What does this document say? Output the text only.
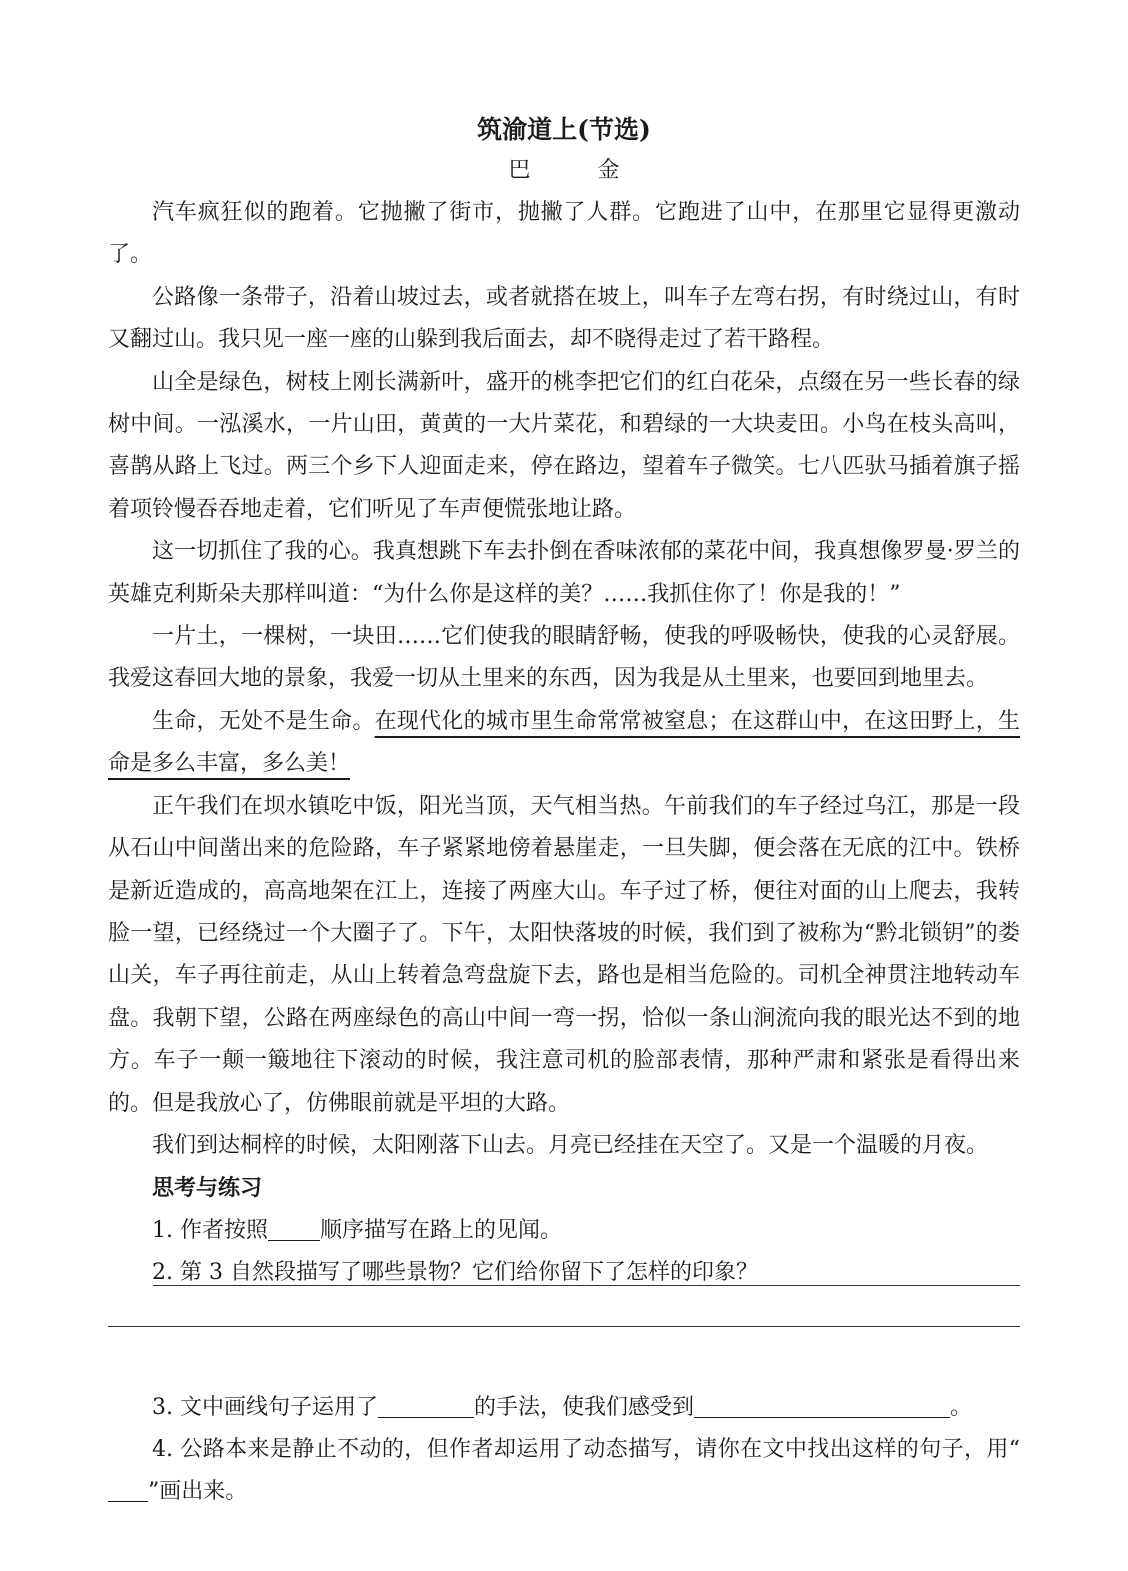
筑渝道上(节选)
巴 金

汽车疯狂似的跑着。它抛撇了街市，抛撇了人群。它跑进了山中，在那里它显得更激动了。

公路像一条带子，沿着山坡过去，或者就搭在坡上，叫车子左弯右拐，有时绕过山，有时又翻过山。我只见一座一座的山躲到我后面去，却不晓得走过了若干路程。

山全是绿色，树枝上刚长满新叶，盛开的桃李把它们的红白花朵，点缀在另一些长春的绿树中间。一泓溪水，一片山田，黄黄的一大片菜花，和碧绿的一大块麦田。小鸟在枝头高叫，喜鹊从路上飞过。两三个乡下人迎面走来，停在路边，望着车子微笑。七八匹驮马插着旗子摇着项铃慢吞吞地走着，它们听见了车声便慌张地让路。

这一切抓住了我的心。我真想跳下车去扑倒在香味浓郁的菜花中间，我真想像罗曼·罗兰的英雄克利斯朵夫那样叫道：“为什么你是这样的美？……我抓住你了！你是我的！”

一片土，一棵树，一块田……它们使我的眼睛舒畅，使我的呼吸畅快，使我的心灵舒展。我爱这春回大地的景象，我爱一切从土里来的东西，因为我是从土里来，也要回到地里去。

生命，无处不是生命。在现代化的城市里生命常常被窒息；在这群山中，在这田野上，生命是多么丰富，多么美！

正午我们在坝水镇吃中饭，阳光当顶，天气相当热。午前我们的车子经过乌江，那是一段从石山中间凿出来的危险路，车子紧紧地傍着悬崖走，一旦失脚，便会落在无底的江中。铁桥是新近造成的，高高地架在江上，连接了两座大山。车子过了桥，便往对面的山上爬去，我转脸一望，已经绕过一个大圈子了。下午，太阳快落坡的时候，我们到了被称为“黔北锁钥”的娄山关，车子再往前走，从山上转着急弯盘旋下去，路也是相当危险的。司机全神贯注地转动车盘。我朝下望，公路在两座绿色的高山中间一弯一拐，恰似一条山涧流向我的眼光达不到的地方。车子一颠一簸地往下滚动的时候，我注意司机的脸部表情，那种严肃和紧张是看得出来的。但是我放心了，仿佛眼前就是平坦的大路。

我们到达桐梓的时候，太阳刚落下山去。月亮已经挂在天空了。又是一个温暖的月夜。

思考与练习
1. 作者按照 顺序描写在路上的见闻。
2. 第 3 自然段描写了哪些景物？它们给你留下了怎样的印象？
3. 文中画线句子运用了	的手法，使我们感受到	。

4. 公路本来是静止不动的，但作者却运用了动态描写，请你在文中找出这样的句子，用“”画出来。
